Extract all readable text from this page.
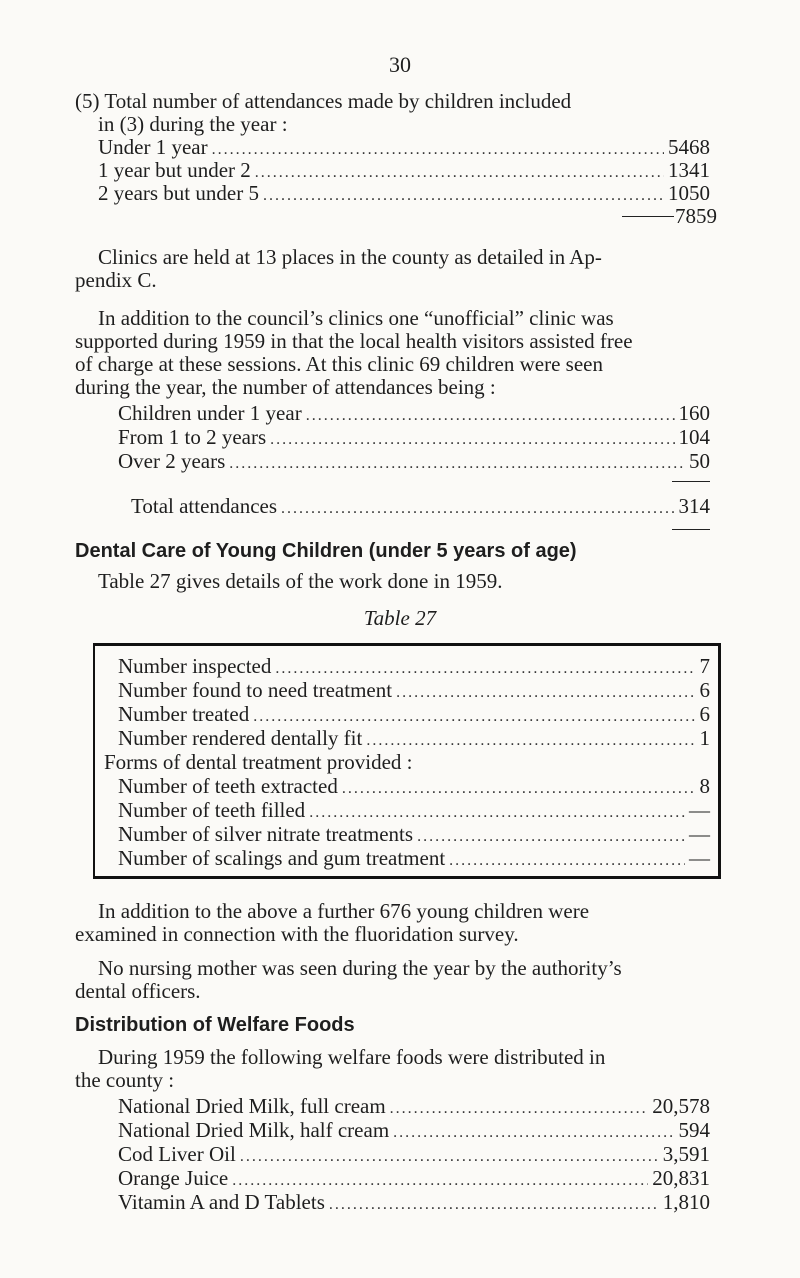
30
(5) Total number of attendances made by children included
in (3) during the year :
Under 1 year .....	5468
1 year but under 2 .....	1341
2 years but under 5 .....	1050
7859
Clinics are held at 13 places in the county as detailed in Ap-
pendix C.
In addition to the council’s clinics one “unofficial” clinic was
supported during 1959 in that the local health visitors assisted free
of charge at these sessions. At this clinic 69 children were seen
during the year, the number of attendances being :
Children under 1 year .....	160
From 1 to 2 years .....	104
Over 2 years .....	50
Total attendances .....	314
Dental Care of Young Children (under 5 years of age)
Table 27 gives details of the work done in 1959.
Table 27
Number inspected .....	7
Number found to need treatment .....	6
Number treated .....	6
Number rendered dentally fit .....	1
Forms of dental treatment provided :
Number of teeth extracted .....	8
Number of teeth filled .....	—
Number of silver nitrate treatments .....	—
Number of scalings and gum treatment .....	—
In addition to the above a further 676 young children were
examined in connection with the fluoridation survey.
No nursing mother was seen during the year by the authority’s
dental officers.
Distribution of Welfare Foods
During 1959 the following welfare foods were distributed in
the county :
National Dried Milk, full cream .....	20,578
National Dried Milk, half cream .....	594
Cod Liver Oil .....	3,591
Orange Juice .....	20,831
Vitamin A and D Tablets .....	1,810
